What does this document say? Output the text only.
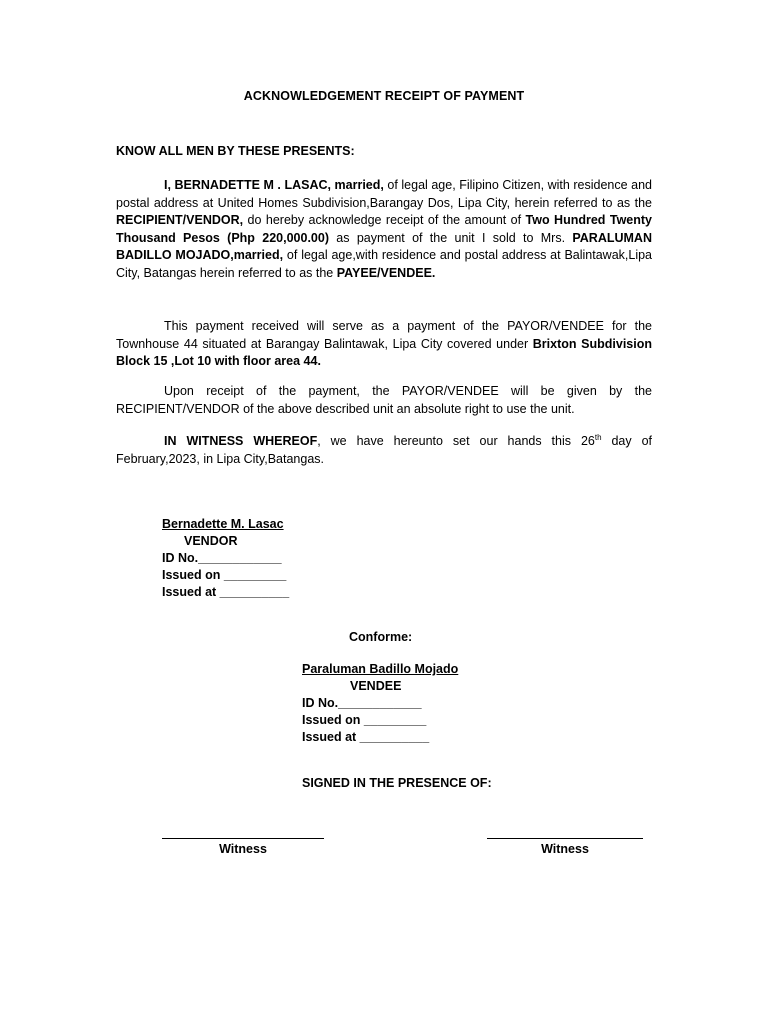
ACKNOWLEDGEMENT RECEIPT OF PAYMENT
KNOW ALL MEN BY THESE PRESENTS:
I, BERNADETTE M . LASAC, married, of legal age, Filipino Citizen, with residence and postal address at United Homes Subdivision,Barangay Dos, Lipa City, herein referred to as the RECIPIENT/VENDOR, do hereby acknowledge receipt of the amount of Two Hundred Twenty Thousand Pesos (Php 220,000.00) as payment of the unit I sold to Mrs. PARALUMAN BADILLO MOJADO,married, of legal age,with residence and postal address at Balintawak,Lipa City, Batangas herein referred to as the PAYEE/VENDEE.
This payment received will serve as a payment of the PAYOR/VENDEE for the Townhouse 44 situated at Barangay Balintawak, Lipa City covered under Brixton Subdivision Block 15 ,Lot 10 with floor area 44.
Upon receipt of the payment, the PAYOR/VENDEE will be given by the RECIPIENT/VENDOR of the above described unit an absolute right to use the unit.
IN WITNESS WHEREOF, we have hereunto set our hands this 26th day of February,2023, in Lipa City,Batangas.
Bernadette M. Lasac
VENDOR
ID No.____________
Issued on _________
Issued at __________
Conforme:
Paraluman Badillo Mojado
VENDEE
ID No.____________
Issued on _________
Issued at __________
SIGNED IN THE PRESENCE OF:
Witness	Witness
